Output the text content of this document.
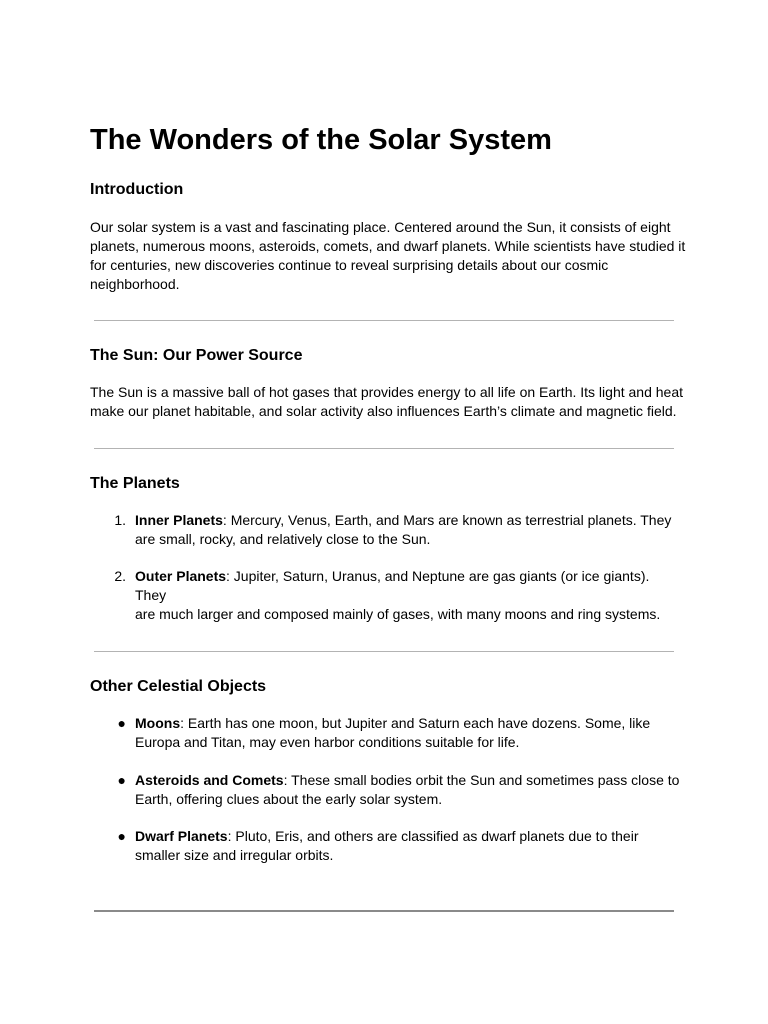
The Wonders of the Solar System
Introduction
Our solar system is a vast and fascinating place. Centered around the Sun, it consists of eight
planets, numerous moons, asteroids, comets, and dwarf planets. While scientists have studied it
for centuries, new discoveries continue to reveal surprising details about our cosmic
neighborhood.
The Sun: Our Power Source
The Sun is a massive ball of hot gases that provides energy to all life on Earth. Its light and heat
make our planet habitable, and solar activity also influences Earth’s climate and magnetic field.
The Planets
1. Inner Planets: Mercury, Venus, Earth, and Mars are known as terrestrial planets. They
are small, rocky, and relatively close to the Sun.
2. Outer Planets: Jupiter, Saturn, Uranus, and Neptune are gas giants (or ice giants). They
are much larger and composed mainly of gases, with many moons and ring systems.
Other Celestial Objects
● Moons: Earth has one moon, but Jupiter and Saturn each have dozens. Some, like
Europa and Titan, may even harbor conditions suitable for life.
● Asteroids and Comets: These small bodies orbit the Sun and sometimes pass close to
Earth, offering clues about the early solar system.
● Dwarf Planets: Pluto, Eris, and others are classified as dwarf planets due to their
smaller size and irregular orbits.
